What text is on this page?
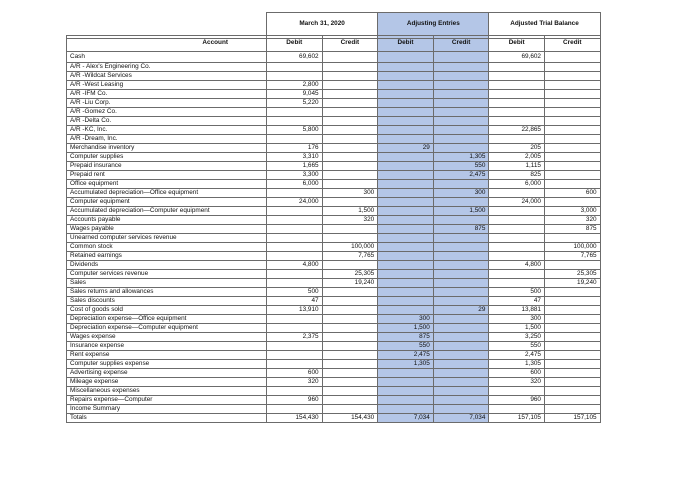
	March 31, 2020		Adjusting Entries		Adjusted Trial Balance	

Account	Debit	Credit	Debit	Credit	Debit	Credit
Cash	69,602				69,602	
A/R - Alex's Engineering Co.						
A/R -Wildcat Services						
A/R -West Leasing	2,800					
A/R -IFM Co.	9,045					
A/R -Liu Corp.	5,220					
A/R -Gomez Co.						
A/R -Delta Co.						
A/R -KC, Inc.	5,800				22,865	
A/R -Dream, Inc.						
Merchandise inventory	176		29		205	
Computer supplies	3,310			1,305	2,005	
Prepaid insurance	1,665			550	1,115	
Prepaid rent	3,300			2,475	825	
Office equipment	6,000				6,000	
Accumulated depreciation—Office equipment		300		300		600
Computer equipment	24,000				24,000	
Accumulated depreciation—Computer equipment		1,500		1,500		3,000
Accounts payable		320				320
Wages payable				875		875
Unearned computer services revenue						
Common stock		100,000				100,000
Retained earnings		7,765				7,765
Dividends	4,800				4,800	
Computer services revenue		25,305				25,305
Sales		19,240				19,240
Sales returns and allowances	500				500	
Sales discounts	47				47	
Cost of goods sold	13,910			29	13,881	
Depreciation expense—Office equipment			300		300	
Depreciation expense—Computer equipment			1,500		1,500	
Wages expense	2,375		875		3,250	
Insurance expense			550		550	
Rent expense			2,475		2,475	
Computer supplies expense			1,305		1,305	
Advertising expense	600				600	
Mileage expense	320				320	
Miscellaneous expenses						
Repairs expense—Computer	960				960	
Income Summary						
Totals	154,430	154,430	7,034	7,034	157,105	157,105
